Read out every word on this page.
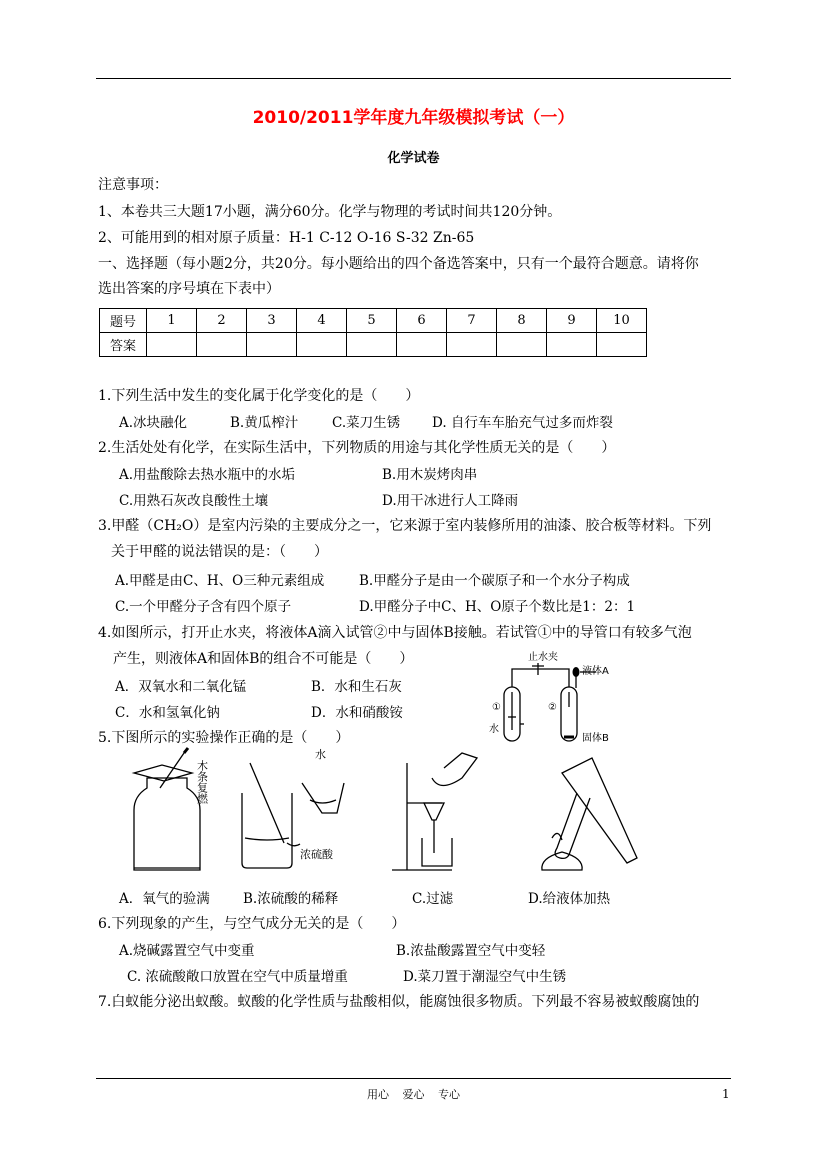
2010/2011学年度九年级模拟考试（一）
化学试卷
注意事项：
1、本卷共三大题17小题，满分60分。化学与物理的考试时间共120分钟。
2、可能用到的相对原子质量：H-1 C-12 O-16 S-32 Zn-65
一、选择题（每小题2分，共20分。每小题给出的四个备选答案中，只有一个最符合题意。请将你
选出答案的序号填在下表中）
题号	1	2	3	4	5	6	7	8	9	10
答案										
1.下列生活中发生的变化属于化学变化的是（　　）
A.冰块融化	B.黄瓜榨汁	C.菜刀生锈 D. 自行车车胎充气过多而炸裂
2.生活处处有化学，在实际生活中，下列物质的用途与其化学性质无关的是（　　）
A.用盐酸除去热水瓶中的水垢	B.用木炭烤肉串
C.用熟石灰改良酸性土壤	D.用干冰进行人工降雨
3.甲醛（CH₂O）是室内污染的主要成分之一，它来源于室内装修所用的油漆、胶合板等材料。下列
关于甲醛的说法错误的是：（　　）
A.甲醛是由C、H、O三种元素组成	B.甲醛分子是由一个碳原子和一个水分子构成
C.一个甲醛分子含有四个原子	D.甲醛分子中C、H、O原子个数比是1：2：1
4.如图所示，打开止水夹，将液体A滴入试管②中与固体B接触。若试管①中的导管口有较多气泡
产生，则液体A和固体B的组合不可能是（　　）
A．双氧水和二氧化锰	B．水和生石灰
C．水和氢氧化钠	D．水和硝酸铵
止水夹
液体A
①	②
水
固体B
5.下图所示的实验操作正确的是（　　）
木条复燃
水
浓硫酸
A．氧气的验满 B.浓硫酸的稀释	C.过滤	D.给液体加热
6.下列现象的产生，与空气成分无关的是（　　）
A.烧碱露置空气中变重	B.浓盐酸露置空气中变轻
C. 浓硫酸敞口放置在空气中质量增重	D.菜刀置于潮湿空气中生锈
7.白蚁能分泌出蚁酸。蚁酸的化学性质与盐酸相似，能腐蚀很多物质。下列最不容易被蚁酸腐蚀的
用心 爱心 专心	1
